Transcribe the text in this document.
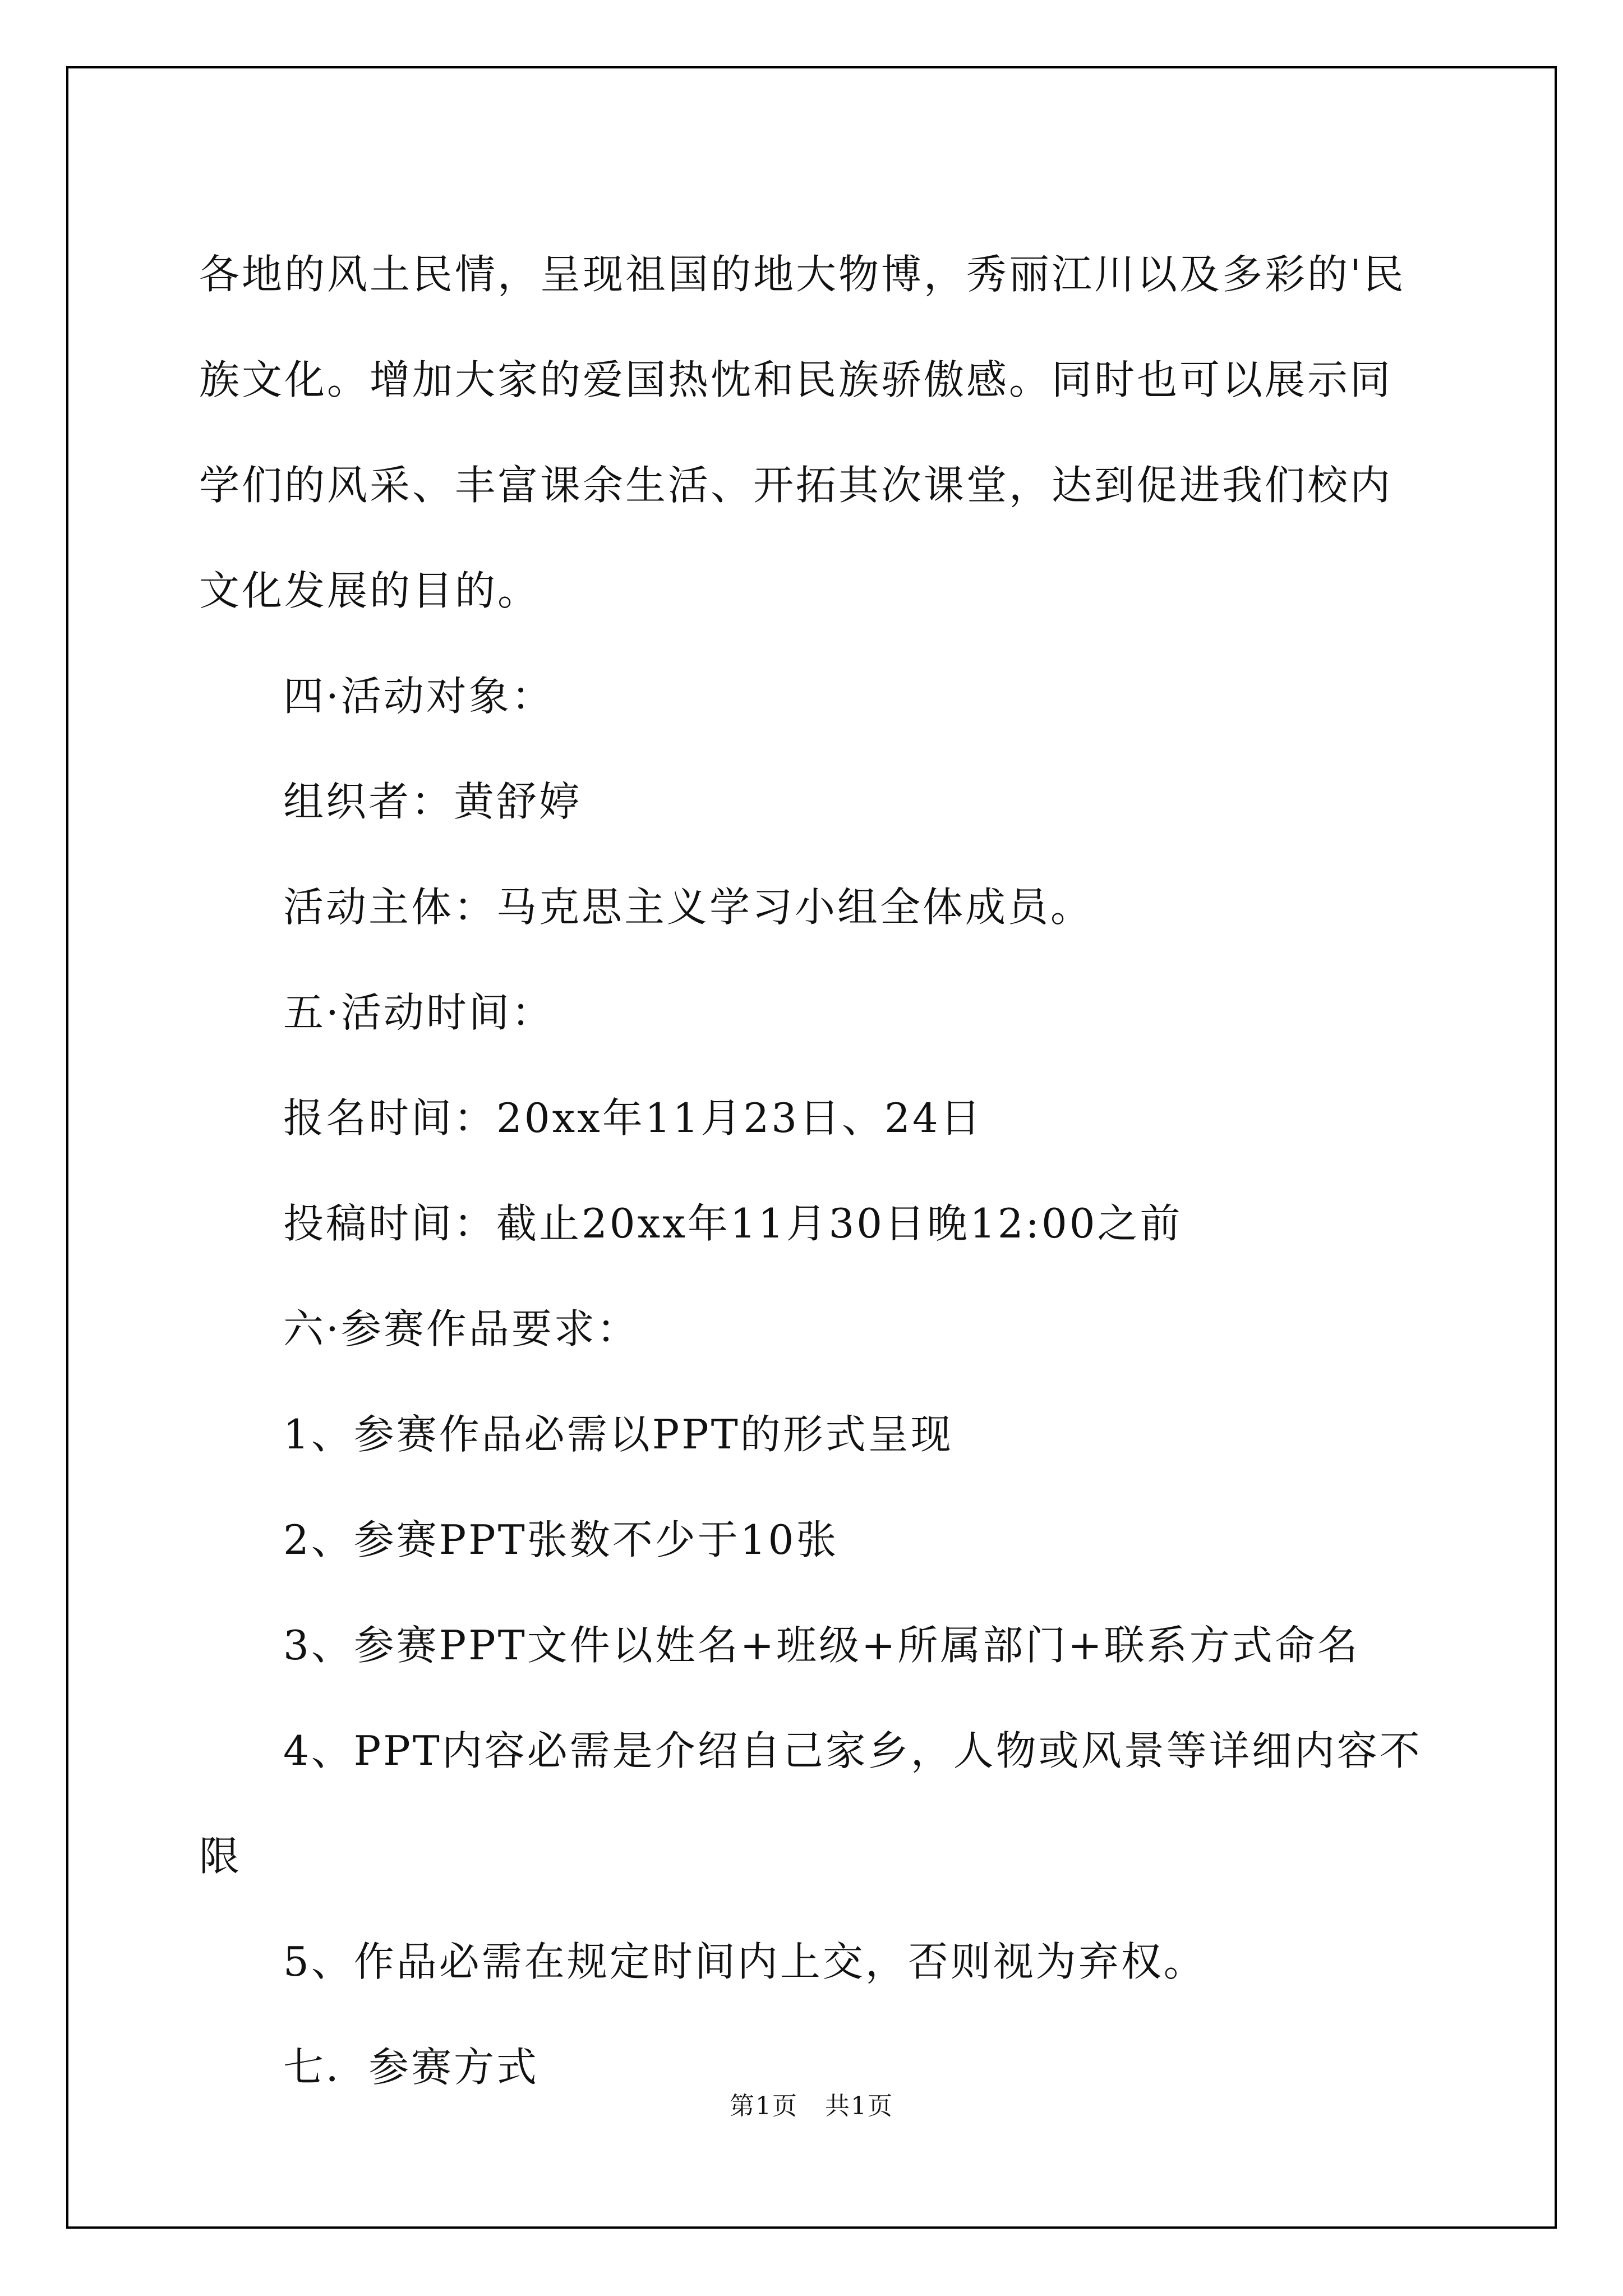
各地的风土民情，呈现祖国的地大物博，秀丽江川以及多彩的'民族文化。增加大家的爱国热忱和民族骄傲感。同时也可以展示同学们的风采、丰富课余生活、开拓其次课堂，达到促进我们校内文化发展的目的。

四·活动对象：

组织者：黄舒婷

活动主体：马克思主义学习小组全体成员。

五·活动时间：

报名时间：20xx年11月23日、24日

投稿时间：截止20xx年11月30日晚12:00之前

六·参赛作品要求：

1、参赛作品必需以PPT的形式呈现

2、参赛PPT张数不少于10张

3、参赛PPT文件以姓名+班级+所属部门+联系方式命名

4、PPT内容必需是介绍自己家乡，人物或风景等详细内容不限

5、作品必需在规定时间内上交，否则视为弃权。

七．参赛方式

第1页 共1页
